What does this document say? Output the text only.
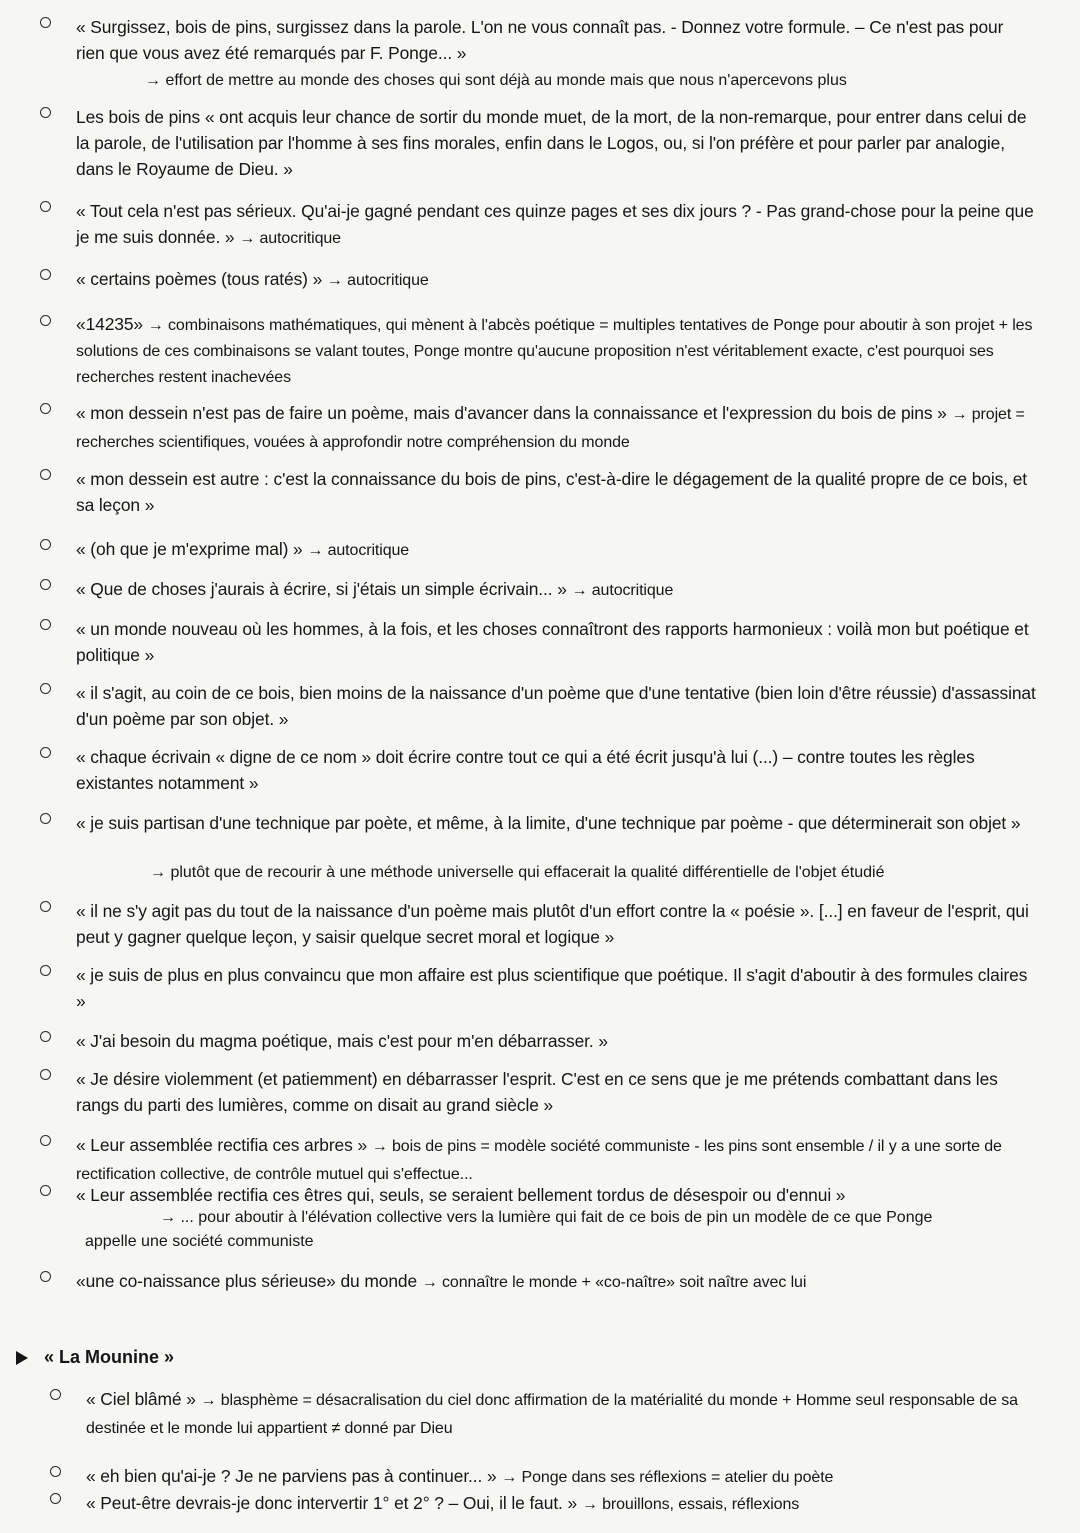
« Surgissez, bois de pins, surgissez dans la parole. L'on ne vous connaît pas. - Donnez votre formule. – Ce n'est pas pour rien que vous avez été remarqués par F. Ponge... »
→ effort de mettre au monde des choses qui sont déjà au monde mais que nous n'apercevons plus
Les bois de pins « ont acquis leur chance de sortir du monde muet, de la mort, de la non-remarque, pour entrer dans celui de la parole, de l'utilisation par l'homme à ses fins morales, enfin dans le Logos, ou, si l'on préfère et pour parler par analogie, dans le Royaume de Dieu. »
« Tout cela n'est pas sérieux. Qu'ai-je gagné pendant ces quinze pages et ses dix jours ? - Pas grand-chose pour la peine que je me suis donnée. » → autocritique
« certains poèmes (tous ratés) » → autocritique
«14235» → combinaisons mathématiques, qui mènent à l'abcès poétique = multiples tentatives de Ponge pour aboutir à son projet + les solutions de ces combinaisons se valant toutes, Ponge montre qu'aucune proposition n'est véritablement exacte, c'est pourquoi ses recherches restent inachevées
« mon dessein n'est pas de faire un poème, mais d'avancer dans la connaissance et l'expression du bois de pins » → projet = recherches scientifiques, vouées à approfondir notre compréhension du monde
« mon dessein est autre : c'est la connaissance du bois de pins, c'est-à-dire le dégagement de la qualité propre de ce bois, et sa leçon »
« (oh que je m'exprime mal) » → autocritique
« Que de choses j'aurais à écrire, si j'étais un simple écrivain... » → autocritique
« un monde nouveau où les hommes, à la fois, et les choses connaîtront des rapports harmonieux : voilà mon but poétique et politique »
« il s'agit, au coin de ce bois, bien moins de la naissance d'un poème que d'une tentative (bien loin d'être réussie) d'assassinat d'un poème par son objet. »
« chaque écrivain « digne de ce nom » doit écrire contre tout ce qui a été écrit jusqu'à lui (...) – contre toutes les règles existantes notamment »
« je suis partisan d'une technique par poète, et même, à la limite, d'une technique par poème - que déterminerait son objet »
→ plutôt que de recourir à une méthode universelle qui effacerait la qualité différentielle de l'objet étudié
« il ne s'y agit pas du tout de la naissance d'un poème mais plutôt d'un effort contre la « poésie ». [...] en faveur de l'esprit, qui peut y gagner quelque leçon, y saisir quelque secret moral et logique »
« je suis de plus en plus convaincu que mon affaire est plus scientifique que poétique. Il s'agit d'aboutir à des formules claires »
« J'ai besoin du magma poétique, mais c'est pour m'en débarrasser. »
« Je désire violemment (et patiemment) en débarrasser l'esprit. C'est en ce sens que je me prétends combattant dans les rangs du parti des lumières, comme on disait au grand siècle »
« Leur assemblée rectifia ces arbres » → bois de pins = modèle société communiste - les pins sont ensemble / il y a une sorte de rectification collective, de contrôle mutuel qui s'effectue...
« Leur assemblée rectifia ces êtres qui, seuls, se seraient bellement tordus de désespoir ou d'ennui »
→ ... pour aboutir à l'élévation collective vers la lumière qui fait de ce bois de pin un modèle de ce que Ponge
appelle une société communiste
«une co-naissance plus sérieuse» du monde → connaître le monde + «co-naître» soit naître avec lui
« La Mounine »
« Ciel blâmé » → blasphème = désacralisation du ciel donc affirmation de la matérialité du monde + Homme seul responsable de sa destinée et le monde lui appartient ≠ donné par Dieu
« eh bien qu'ai-je ? Je ne parviens pas à continuer... » → Ponge dans ses réflexions = atelier du poète
« Peut-être devrais-je donc intervertir 1° et 2° ? – Oui, il le faut. » → brouillons, essais, réflexions
